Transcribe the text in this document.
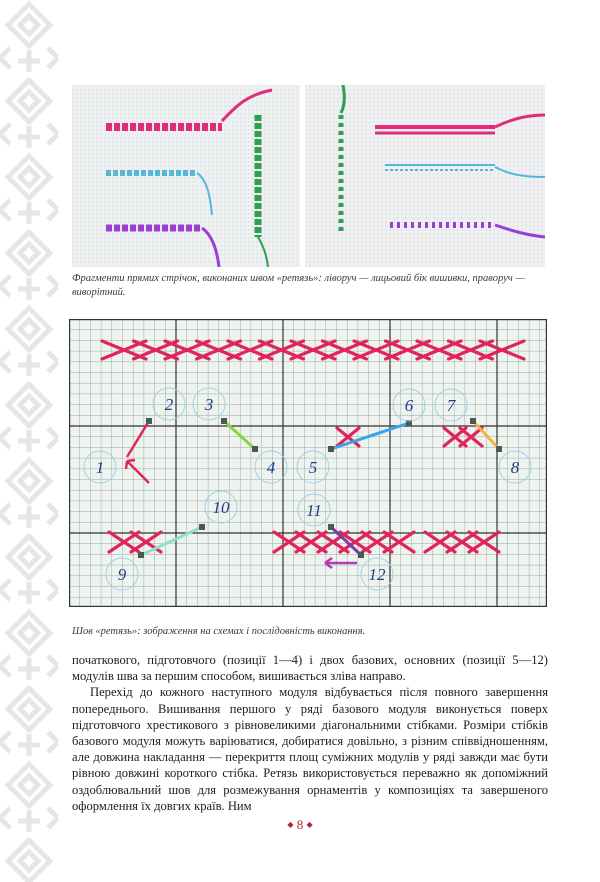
Фрагменти прямих стрічок, виконаних швом «ретязь»: ліворуч — лицьовий бік вишивки, праворуч — виворітний.
1
2 3
4 5
6 7
8
9
10	11
12
Шов «ретязь»: зображення на схемах і послідовність виконання.

початкового, підготовчого (позиції 1—4) і двох базових, основних (позиції 5—12) модулів шва за першим способом, вишивається зліва направо.

Перехід до кожного наступного модуля відбувається після повного завершення попереднього. Вишивання першого у ряді базового модуля виконується поверх підготовчого хрестикового з рівновеликими діагональними стібками. Розміри стібків базового модуля можуть варіюватися, добиратися довільно, з різним співвідношенням, але довжина накладання — перекриття площ суміжних модулів у ряді завжди має бути рівною довжині короткого стібка. Ретязь використовується переважно як допоміжний оздоблювальний шов для розмежування орнаментів у композиціях та завершеного оформлення їх довгих країв. Ним

◆ 8 ◆
